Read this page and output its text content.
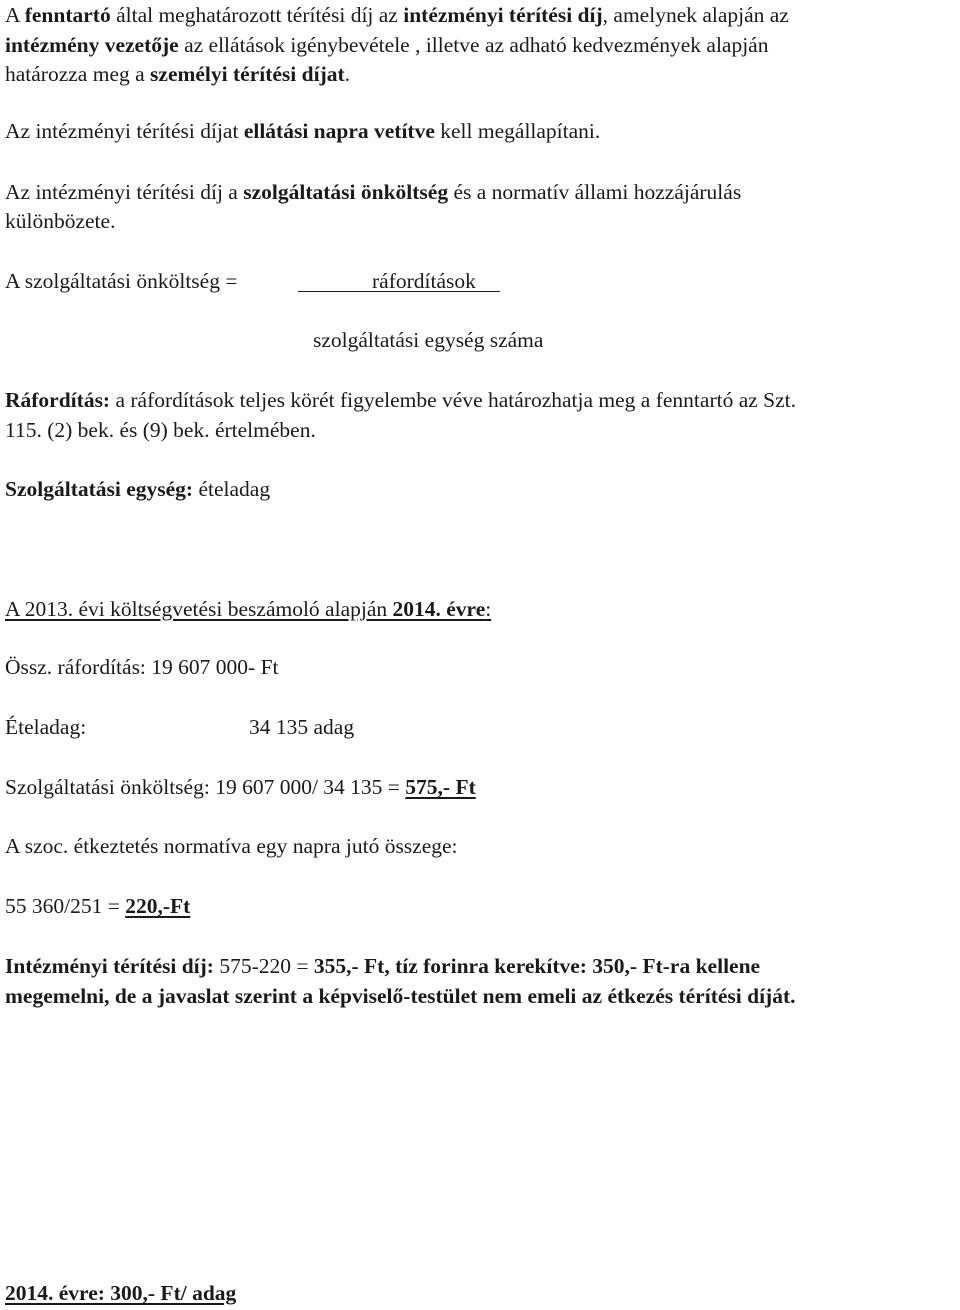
A fenntartó által meghatározott térítési díj az intézményi térítési díj, amelynek alapján az
intézmény vezetője az ellátások igénybevétele , illetve az adható kedvezmények alapján
határozza meg a személyi térítési díjat.
Az intézményi térítési díjat ellátási napra vetítve kell megállapítani.
Az intézményi térítési díj a szolgáltatási önköltség és a normatív állami hozzájárulás
különbözete.
A szolgáltatási önköltség =	ráfordítások
szolgáltatási egység száma
Ráfordítás: a ráfordítások teljes körét figyelembe véve határozhatja meg a fenntartó az Szt.
115. (2) bek. és (9) bek. értelmében.
Szolgáltatási egység: ételadag
A 2013. évi költségvetési beszámoló alapján 2014. évre:
Össz. ráfordítás: 19 607 000- Ft
Ételadag:	34 135 adag
Szolgáltatási önköltség: 19 607 000/ 34 135 = 575,- Ft
A szoc. étkeztetés normatíva egy napra jutó összege:
55 360/251 = 220,-Ft
Intézményi térítési díj: 575-220 = 355,- Ft, tíz forinra kerekítve: 350,- Ft-ra kellene
megemelni, de a javaslat szerint a képviselő-testület nem emeli az étkezés térítési díját.
2014. évre: 300,- Ft/ adag
